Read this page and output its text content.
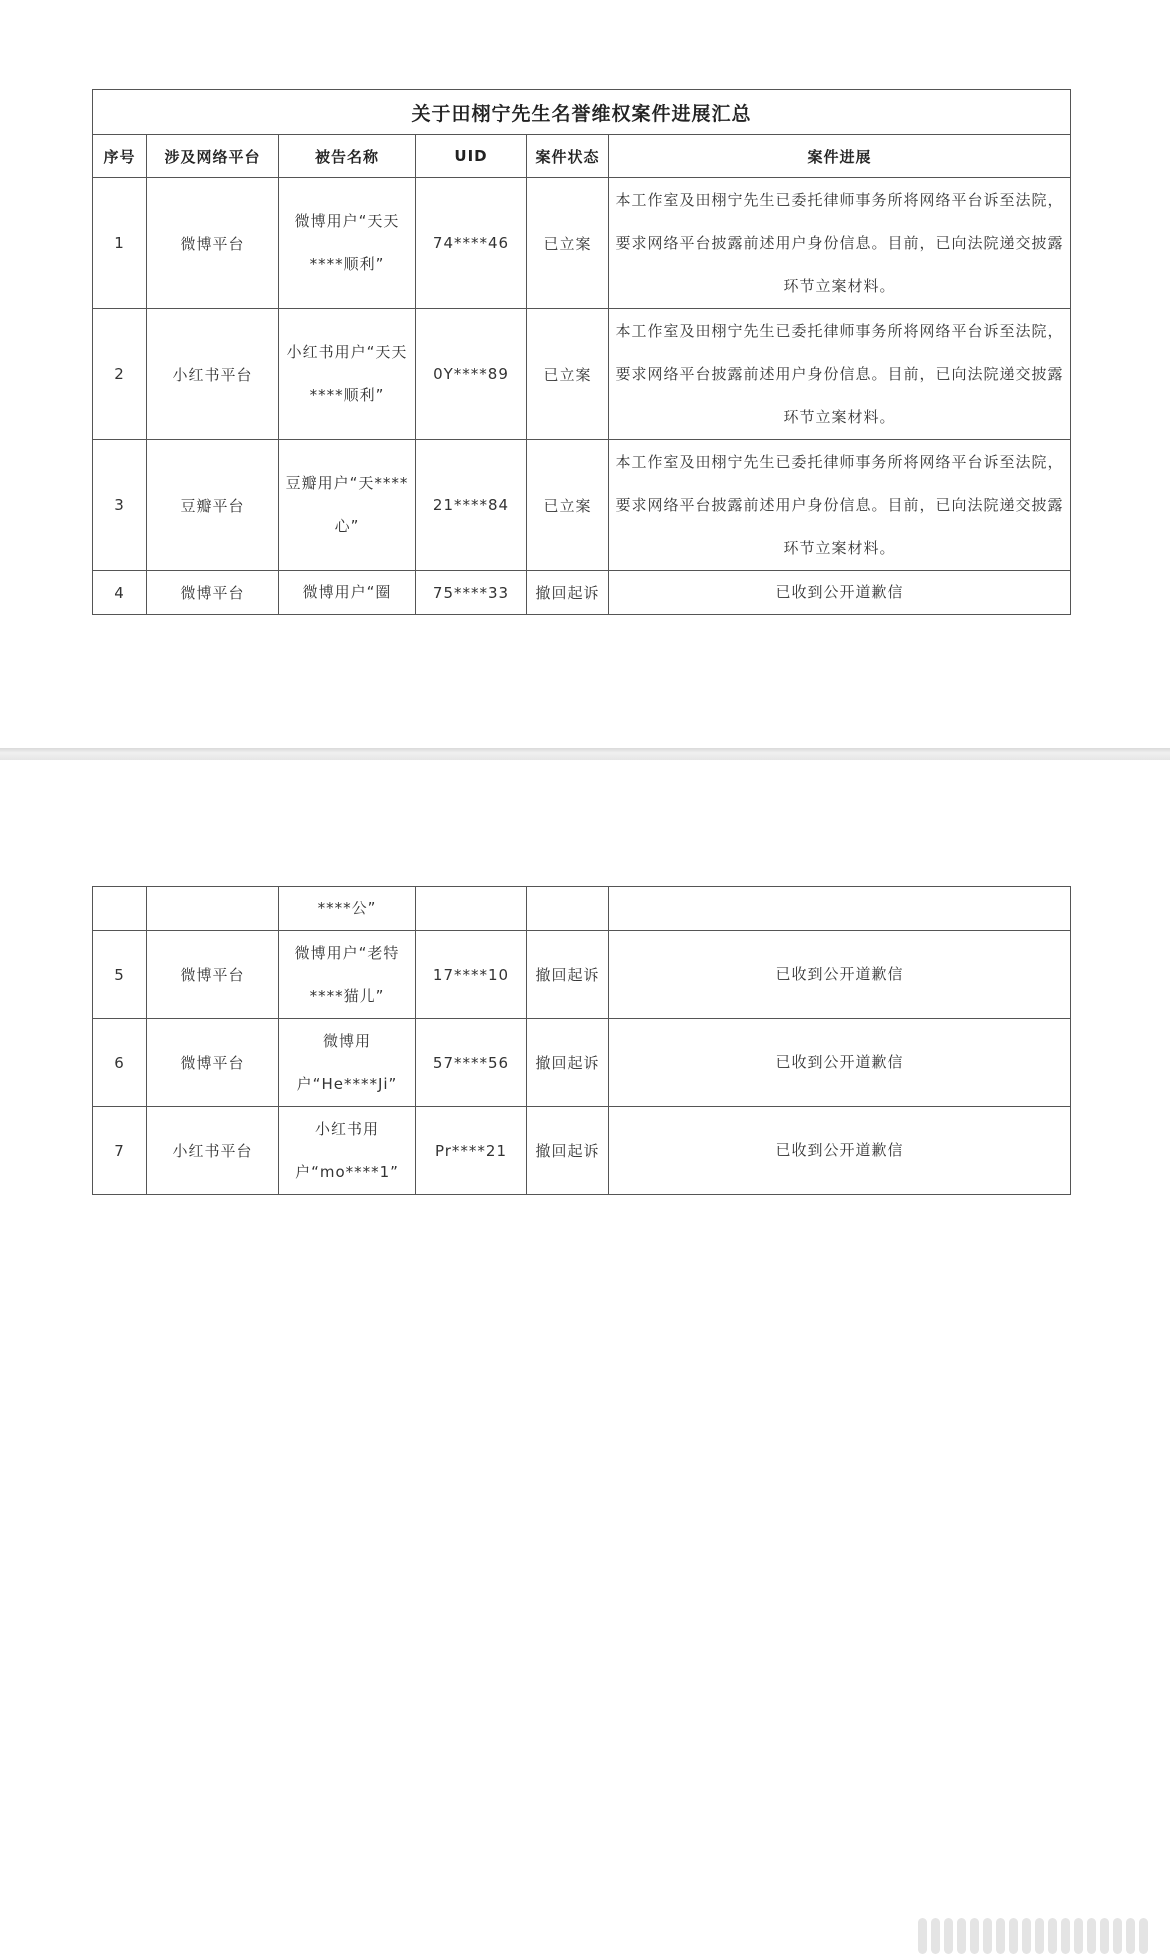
关于田栩宁先生名誉维权案件进展汇总					
序号	涉及网络平台	被告名称	UID	案件状态	案件进展
1	微博平台	微博用户“天天****顺利”	74****46	已立案	本工作室及田栩宁先生已委托律师事务所将网络平台诉至法院，要求网络平台披露前述用户身份信息。目前，已向法院递交披露环节立案材料。
2	小红书平台	小红书用户“天天****顺利”	0Y****89	已立案	本工作室及田栩宁先生已委托律师事务所将网络平台诉至法院，要求网络平台披露前述用户身份信息。目前，已向法院递交披露环节立案材料。
3	豆瓣平台	豆瓣用户“天****心”	21****84	已立案	本工作室及田栩宁先生已委托律师事务所将网络平台诉至法院，要求网络平台披露前述用户身份信息。目前，已向法院递交披露环节立案材料。
4	微博平台	微博用户“圈	75****33	撤回起诉	已收到公开道歉信
		****公”			
5	微博平台	微博用户“老特****猫儿”	17****10	撤回起诉	已收到公开道歉信
6	微博平台	微博用户“He****Ji”	57****56	撤回起诉	已收到公开道歉信
7	小红书平台	小红书用户“mo****1”	Pr****21	撤回起诉	已收到公开道歉信
